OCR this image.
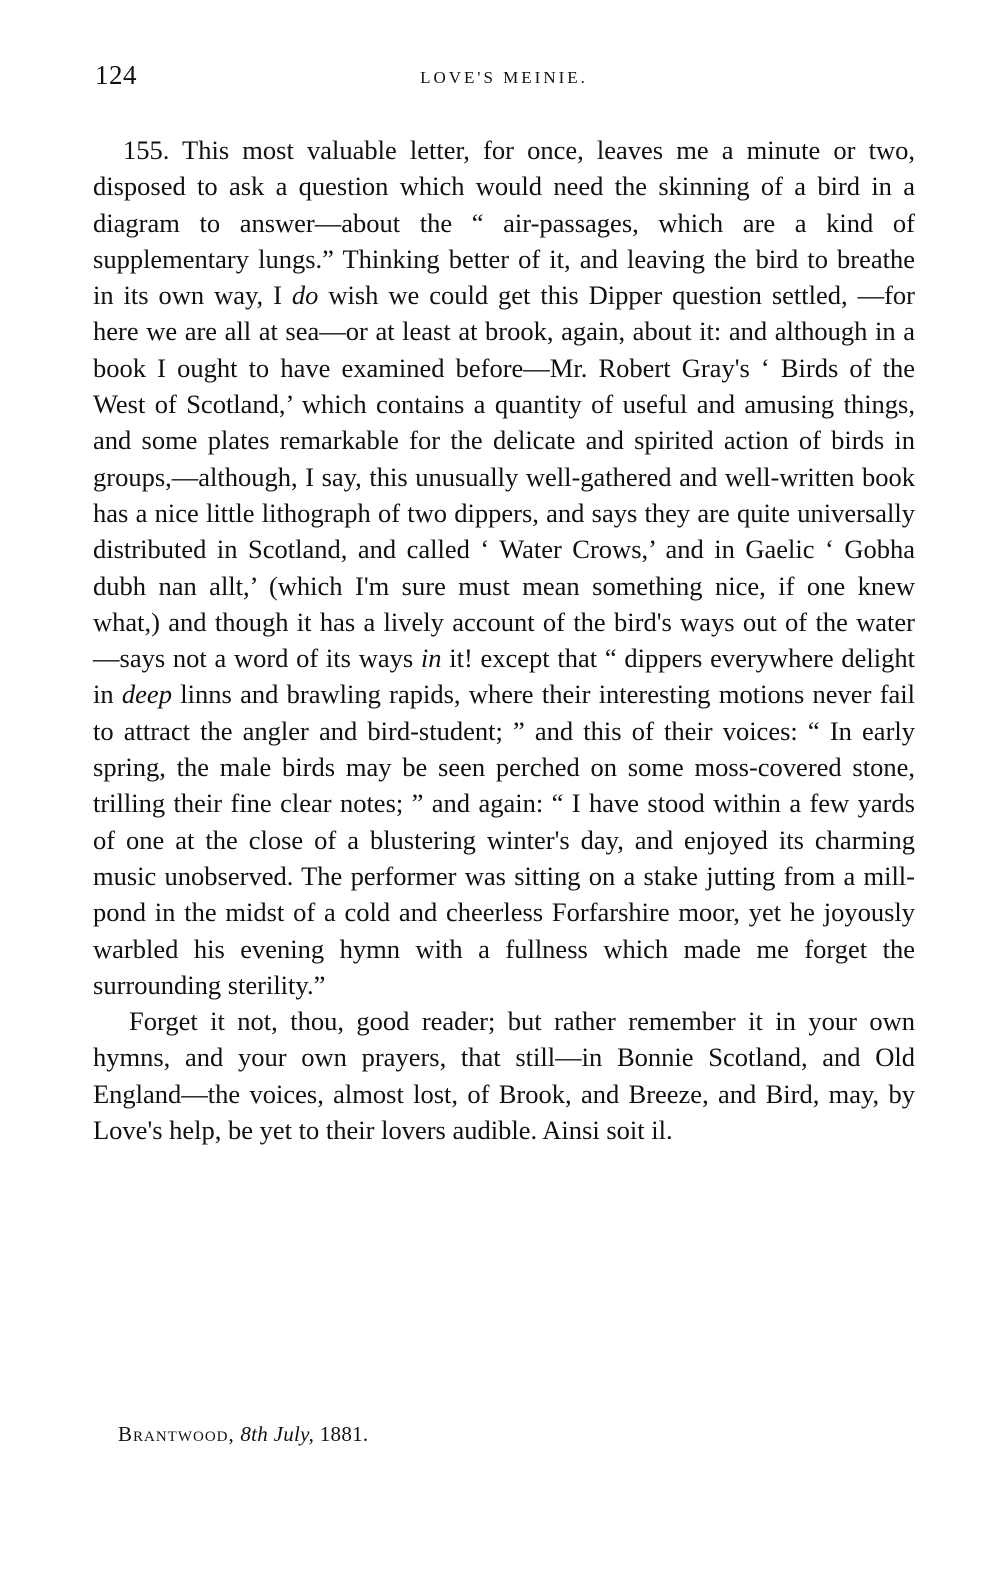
124	LOVE'S MEINIE.

155. This most valuable letter, for once, leaves me a minute or two, disposed to ask a question which would need the skinning of a bird in a diagram to answer—about the “ air-passages, which are a kind of supplementary lungs.” Thinking better of it, and leaving the bird to breathe in its own way, I do wish we could get this Dipper question settled, —for here we are all at sea—or at least at brook, again, about it: and although in a book I ought to have examined before—Mr. Robert Gray's ‘ Birds of the West of Scotland,’ which contains a quantity of useful and amusing things, and some plates remarkable for the delicate and spirited action of birds in groups,—although, I say, this unusually well-gathered and well-written book has a nice little lithograph of two dippers, and says they are quite universally distributed in Scotland, and called ‘ Water Crows,’ and in Gaelic ‘ Gobha dubh nan allt,’ (which I'm sure must mean something nice, if one knew what,) and though it has a lively account of the bird's ways out of the water—says not a word of its ways in it! except that “ dippers everywhere delight in deep linns and brawling rapids, where their interesting motions never fail to attract the angler and bird-student; ” and this of their voices: “ In early spring, the male birds may be seen perched on some moss-covered stone, trilling their fine clear notes; ” and again: “ I have stood within a few yards of one at the close of a blustering winter's day, and enjoyed its charming music unobserved. The performer was sitting on a stake jutting from a mill-pond in the midst of a cold and cheerless Forfarshire moor, yet he joyously warbled his evening hymn with a fullness which made me forget the surrounding sterility.”

Forget it not, thou, good reader; but rather remember it in your own hymns, and your own prayers, that still—in Bonnie Scotland, and Old England—the voices, almost lost, of Brook, and Breeze, and Bird, may, by Love's help, be yet to their lovers audible. Ainsi soit il.

Brantwood, 8th July, 1881.
